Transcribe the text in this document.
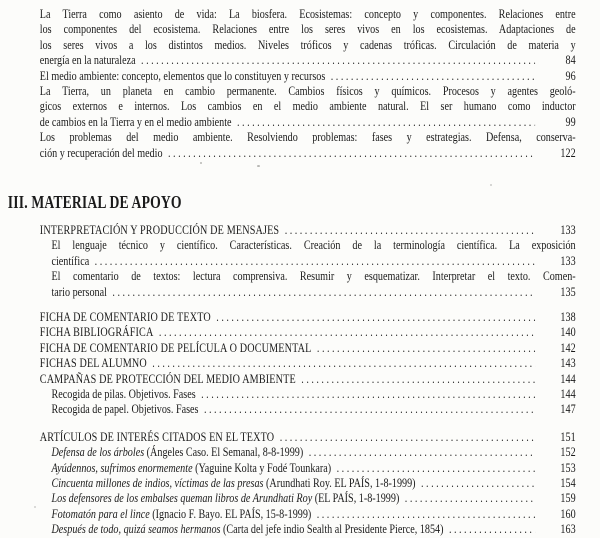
La Tierra como asiento de vida: La biosfera. Ecosistemas: concepto y componentes. Relaciones entre
los componentes del ecosistema. Relaciones entre los seres vivos en los ecosistemas. Adaptaciones de
los seres vivos a los distintos medios. Niveles tróficos y cadenas tróficas. Circulación de materia y
energía en la naturaleza .....	84
El medio ambiente: concepto, elementos que lo constituyen y recursos .....	96
La Tierra, un planeta en cambio permanente. Cambios físicos y químicos. Procesos y agentes geoló-
gicos externos e internos. Los cambios en el medio ambiente natural. El ser humano como inductor
de cambios en la Tierra y en el medio ambiente .....	99
Los problemas del medio ambiente. Resolviendo problemas: fases y estrategias. Defensa, conserva-
ción y recuperación del medio .....	122
III. MATERIAL DE APOYO
INTERPRETACIÓN Y PRODUCCIÓN DE MENSAJES .....	133
El lenguaje técnico y científico. Características. Creación de la terminología científica. La exposición
científica .....	133
El comentario de textos: lectura comprensiva. Resumir y esquematizar. Interpretar el texto. Comen-
tario personal .....	135
FICHA DE COMENTARIO DE TEXTO .....	138
FICHA BIBLIOGRÁFICA .....	140
FICHA DE COMENTARIO DE PELÍCULA O DOCUMENTAL .....	142
FICHAS DEL ALUMNO .....	143
CAMPAÑAS DE PROTECCIÓN DEL MEDIO AMBIENTE .....	144
Recogida de pilas. Objetivos. Fases .....	144
Recogida de papel. Objetivos. Fases .....	147
ARTÍCULOS DE INTERÉS CITADOS EN EL TEXTO .....	151
Defensa de los árboles (Ángeles Caso. El Semanal, 8-8-1999) .....	152
Ayúdennos, sufrimos enormemente (Yaguine Kolta y Fodé Tounkara) .....	153
Cincuenta millones de indios, víctimas de las presas (Arundhati Roy. EL PAÍS, 1-8-1999) .....	154
Los defensores de los embalses queman libros de Arundhati Roy (EL PAÍS, 1-8-1999) .....	159
Fotomatón para el lince (Ignacio F. Bayo. EL PAÍS, 15-8-1999) .....	160
Después de todo, quizá seamos hermanos (Carta del jefe indio Sealth al Presidente Pierce, 1854) .....	163
